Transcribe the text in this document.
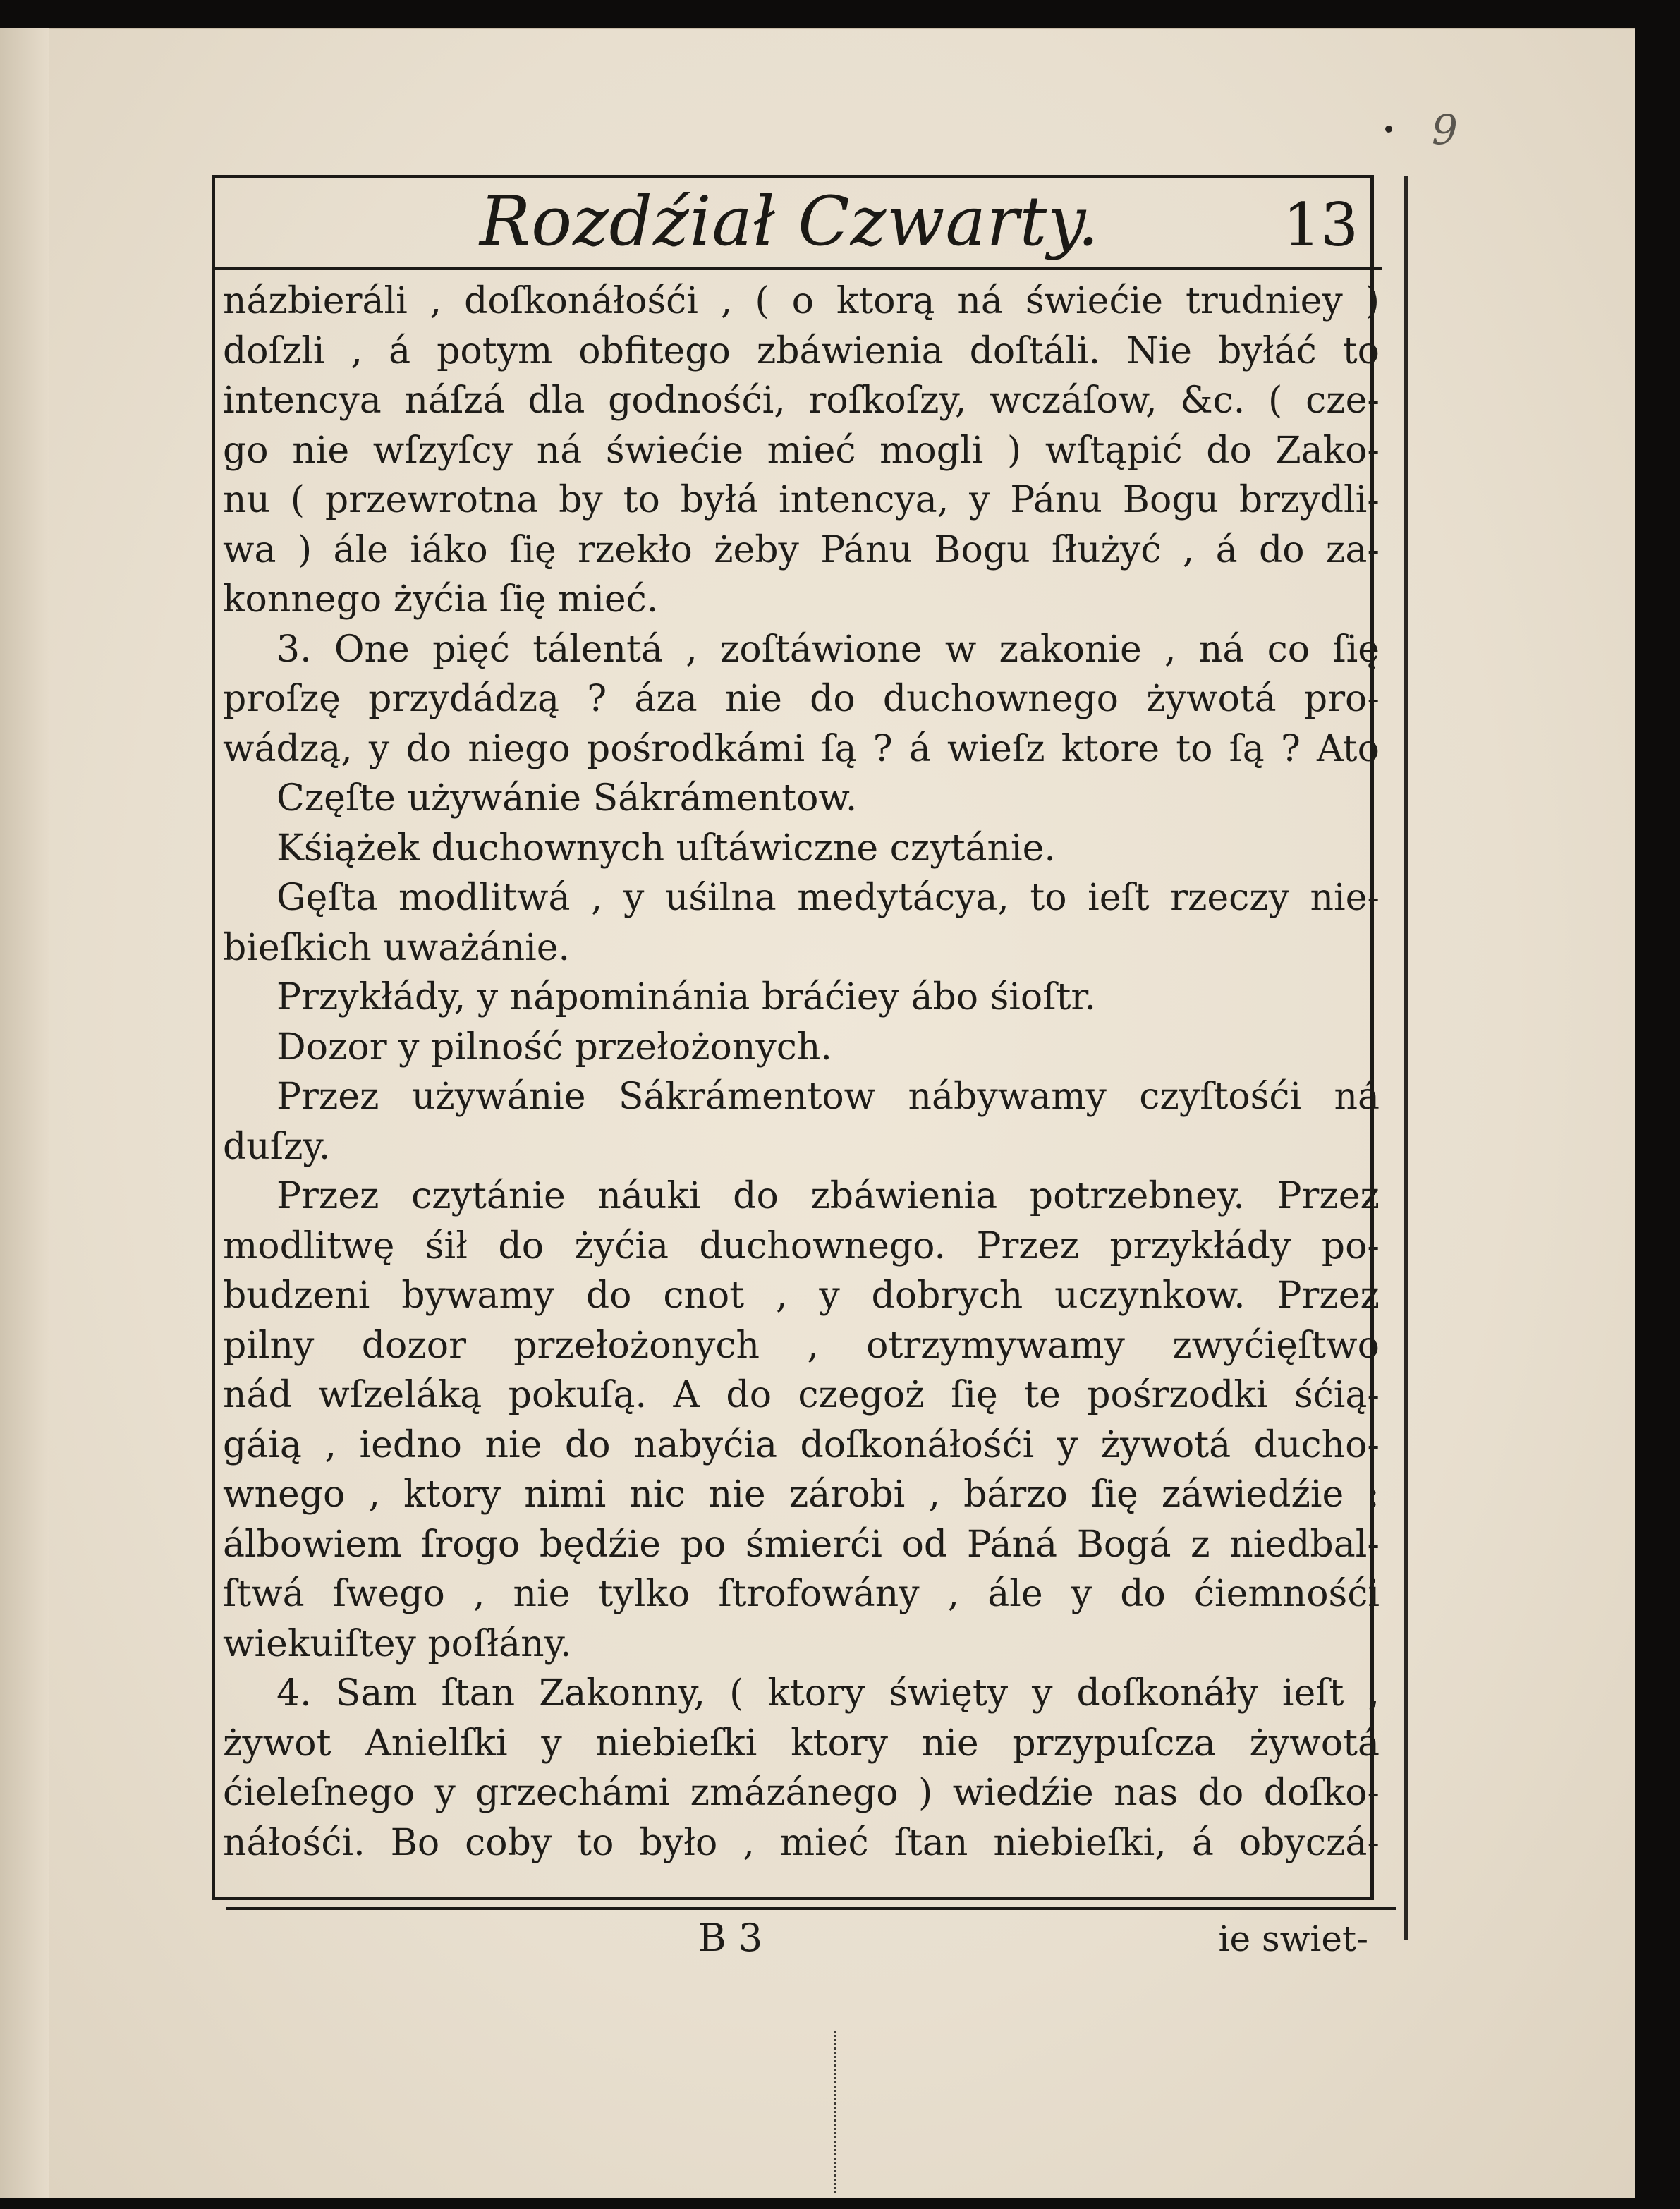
9
Rozdźiał Czwarty.	13
názbieráli , doſkonáłośći , ( o ktorą ná świećie trudniey )
doſzli , á potym obfitego zbáwienia doſtáli. Nie byłáć to
intencya náſzá dla godnośći, roſkoſzy, wczáſow, &c. ( cze-
go nie wſzyſcy ná świećie mieć mogli ) wſtąpić do Zako-
nu ( przewrotna by to byłá intencya, y Pánu Bogu brzydli-
wa ) ále iáko ſię rzekło żeby Pánu Bogu ſłużyć , á do za-
konnego żyćia ſię mieć.
3. One pięć tálentá , zoſtáwione w zakonie , ná co ſię
proſzę przydádzą ? áza nie do duchownego żywotá pro-
wádzą, y do niego pośrodkámi ſą ? á wieſz ktore to ſą ? Ato
Częſte używánie Sákrámentow.
Kśiążek duchownych uſtáwiczne czytánie.
Gęſta modlitwá , y uśilna medytácya, to ieſt rzeczy nie-
bieſkich uważánie.
Przykłády, y nápominánia bráćiey ábo śioſtr.
Dozor y pilność przełożonych.
Przez używánie Sákrámentow nábywamy czyſtośći ná
duſzy.
Przez czytánie náuki do zbáwienia potrzebney. Przez
modlitwę śił do żyćia duchownego. Przez przykłády po-
budzeni bywamy do cnot , y dobrych uczynkow. Przez
pilny dozor przełożonych , otrzymywamy zwyćięſtwo
nád wſzeláką pokuſą. A do czegoż ſię te pośrzodki śćią-
gáią , iedno nie do nabyćia doſkonáłośći y żywotá ducho-
wnego , ktory nimi nic nie zárobi , bárzo ſię záwiedźie :
álbowiem ſrogo będźie po śmierći od Páná Bogá z niedbal-
ſtwá ſwego , nie tylko ſtrofowány , ále y do ćiemnośći
wiekuiſtey poſłány.
4. Sam ſtan Zakonny, ( ktory święty y doſkonáły ieſt ,
żywot Anielſki y niebieſki ktory nie przypuſcza żywotá
ćieleſnego y grzechámi zmázánego ) wiedźie nas do doſko-
náłośći. Bo coby to było , mieć ſtan niebieſki, á obyczá-
B 3	ie swiet-
